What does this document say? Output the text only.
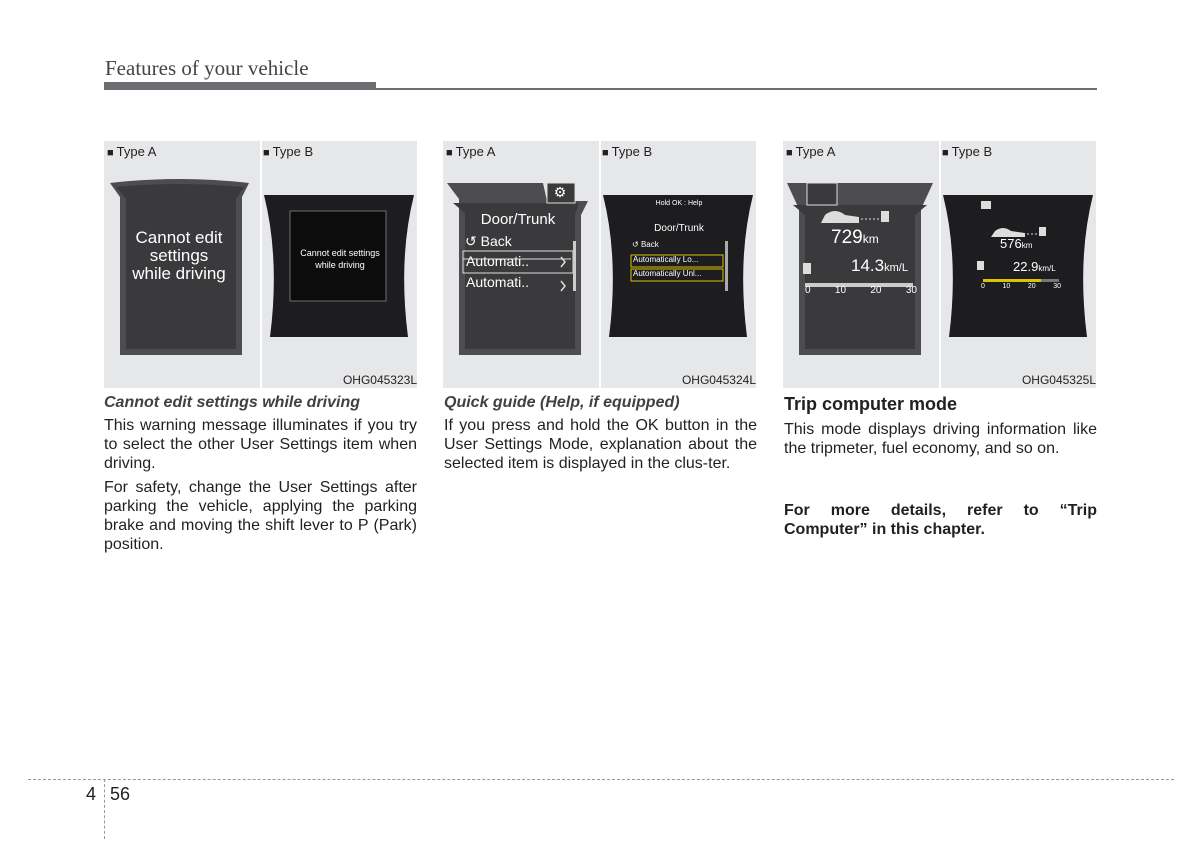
Features of your vehicle
■ Type A	■ Type B
Cannot edit
settings
while driving
Cannot edit settings
while driving
OHG045323L
■ Type A	■ Type B
⚙
Door/Trunk
↺ Back
Automati..
Automati..
Hold OK : Help
Door/Trunk
↺ Back
Automatically Lo...
Automatically Unl...
OHG045324L
■ Type A	■ Type B
729km
14.3km/L
0 10 20 30
576km
22.9km/L
0	10	20	30
OHG045325L
Cannot edit settings while driving

This warning message illuminates if you try to select the other User Settings item when driving.

For safety, change the User Settings after parking the vehicle, applying the parking brake and moving the shift lever to P (Park) position.

Quick guide (Help, if equipped)

If you press and hold the OK button in the User Settings Mode, explanation about the selected item is displayed in the clus-ter.

Trip computer mode

This mode displays driving information like the tripmeter, fuel economy, and so on.

For more details, refer to “Trip Computer” in this chapter.
4 56
